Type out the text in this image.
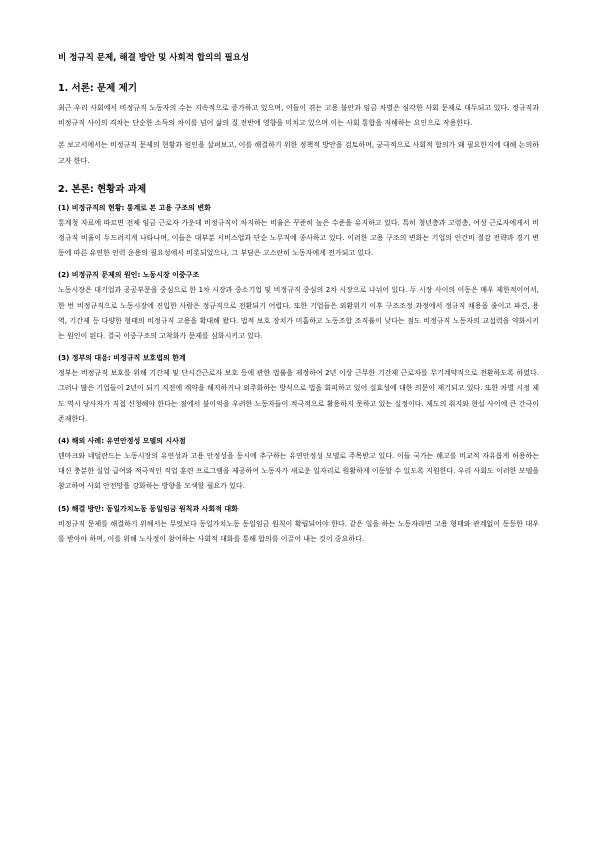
비 정규직 문제, 해결 방안 및 사회적 합의의 필요성
1. 서론: 문제 제기

최근 우리 사회에서 비정규직 노동자의 수는 지속적으로 증가하고 있으며, 이들이 겪는 고용 불안과 임금 차별은 심각한 사회 문제로 대두되고 있다. 정규직과 비정규직 사이의 격차는 단순한 소득의 차이를 넘어 삶의 질 전반에 영향을 미치고 있으며 이는 사회 통합을 저해하는 요인으로 작용한다.

본 보고서에서는 비정규직 문제의 현황과 원인을 살펴보고, 이를 해결하기 위한 정책적 방안을 검토하며, 궁극적으로 사회적 합의가 왜 필요한지에 대해 논의하고자 한다.

2. 본론: 현황과 과제
(1) 비정규직의 현황: 통계로 본 고용 구조의 변화

통계청 자료에 따르면 전체 임금 근로자 가운데 비정규직이 차지하는 비율은 꾸준히 높은 수준을 유지하고 있다. 특히 청년층과 고령층, 여성 근로자에게서 비정규직 비율이 두드러지게 나타나며, 이들은 대부분 서비스업과 단순 노무직에 종사하고 있다. 이러한 고용 구조의 변화는 기업의 인건비 절감 전략과 경기 변동에 따른 유연한 인력 운용의 필요성에서 비롯되었으나, 그 부담은 고스란히 노동자에게 전가되고 있다.

(2) 비정규직 문제의 원인: 노동시장 이중구조

노동시장은 대기업과 공공부문을 중심으로 한 1차 시장과 중소기업 및 비정규직 중심의 2차 시장으로 나뉘어 있다. 두 시장 사이의 이동은 매우 제한적이어서, 한 번 비정규직으로 노동시장에 진입한 사람은 정규직으로 전환되기 어렵다. 또한 기업들은 외환위기 이후 구조조정 과정에서 정규직 채용을 줄이고 파견, 용역, 기간제 등 다양한 형태의 비정규직 고용을 확대해 왔다. 법적 보호 장치가 미흡하고 노동조합 조직률이 낮다는 점도 비정규직 노동자의 교섭력을 약화시키는 원인이 된다. 결국 이중구조의 고착화가 문제를 심화시키고 있다.

(3) 정부의 대응: 비정규직 보호법의 한계

정부는 비정규직 보호를 위해 기간제 및 단시간근로자 보호 등에 관한 법률을 제정하여 2년 이상 근무한 기간제 근로자를 무기계약직으로 전환하도록 하였다. 그러나 많은 기업들이 2년이 되기 직전에 계약을 해지하거나 외주화하는 방식으로 법을 회피하고 있어 실효성에 대한 의문이 제기되고 있다. 또한 차별 시정 제도 역시 당사자가 직접 신청해야 한다는 점에서 불이익을 우려한 노동자들이 적극적으로 활용하지 못하고 있는 실정이다. 제도의 취지와 현실 사이에 큰 간극이 존재한다.

(4) 해외 사례: 유연안정성 모델의 시사점

덴마크와 네덜란드는 노동시장의 유연성과 고용 안정성을 동시에 추구하는 유연안정성 모델로 주목받고 있다. 이들 국가는 해고를 비교적 자유롭게 허용하는 대신 충분한 실업 급여와 적극적인 직업 훈련 프로그램을 제공하여 노동자가 새로운 일자리로 원활하게 이동할 수 있도록 지원한다. 우리 사회도 이러한 모델을 참고하여 사회 안전망을 강화하는 방향을 모색할 필요가 있다.

(5) 해결 방안: 동일가치노동 동일임금 원칙과 사회적 대화

비정규직 문제를 해결하기 위해서는 무엇보다 동일가치노동 동일임금 원칙이 확립되어야 한다. 같은 일을 하는 노동자라면 고용 형태와 관계없이 동등한 대우를 받아야 하며, 이를 위해 노사정이 참여하는 사회적 대화를 통해 합의를 이끌어 내는 것이 중요하다.
